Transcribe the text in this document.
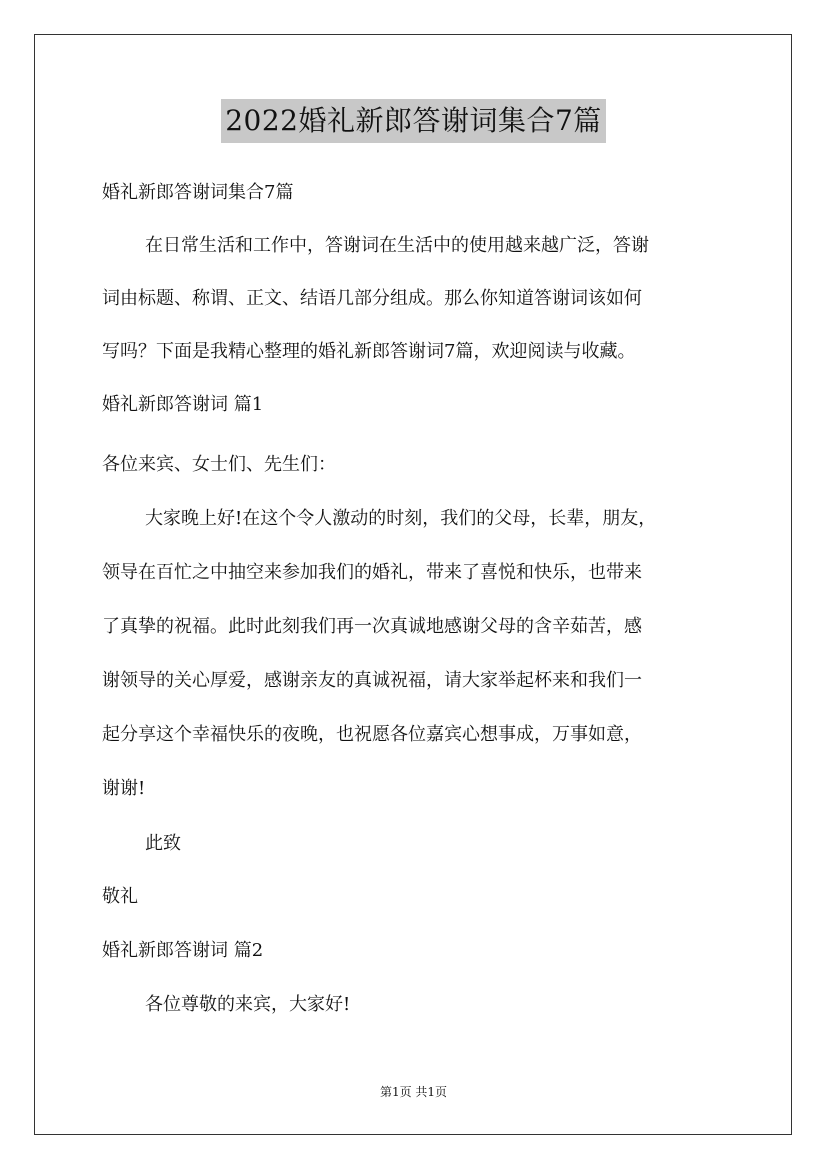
2022婚礼新郎答谢词集合7篇
婚礼新郎答谢词集合7篇
在日常生活和工作中，答谢词在生活中的使用越来越广泛，答谢
词由标题、称谓、正文、结语几部分组成。那么你知道答谢词该如何
写吗？下面是我精心整理的婚礼新郎答谢词7篇，欢迎阅读与收藏。
婚礼新郎答谢词 篇1
各位来宾、女士们、先生们：
大家晚上好!在这个令人激动的时刻，我们的父母，长辈，朋友，
领导在百忙之中抽空来参加我们的婚礼，带来了喜悦和快乐，也带来
了真挚的祝福。此时此刻我们再一次真诚地感谢父母的含辛茹苦，感
谢领导的关心厚爱，感谢亲友的真诚祝福，请大家举起杯来和我们一
起分享这个幸福快乐的夜晚，也祝愿各位嘉宾心想事成，万事如意，
谢谢!
此致
敬礼
婚礼新郎答谢词 篇2
各位尊敬的来宾，大家好!
第1页 共1页
